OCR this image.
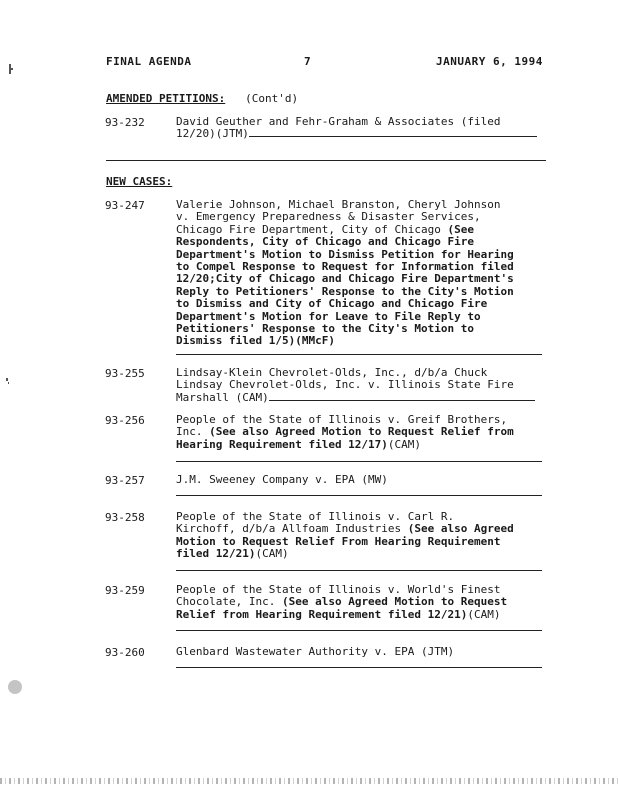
FINAL AGENDA	7	JANUARY 6, 1994
AMENDED PETITIONS: (Cont'd)
93-232	David Geuther and Fehr-Graham & Associates (filed
12/20)(JTM)
NEW CASES:
93-247	Valerie Johnson, Michael Branston, Cheryl Johnson
v. Emergency Preparedness & Disaster Services,
Chicago Fire Department, City of Chicago (See
Respondents, City of Chicago and Chicago Fire
Department's Motion to Dismiss Petition for Hearing
to Compel Response to Request for Information filed
12/20;City of Chicago and Chicago Fire Department's
Reply to Petitioners' Response to the City's Motion
to Dismiss and City of Chicago and Chicago Fire
Department's Motion for Leave to File Reply to
Petitioners' Response to the City's Motion to
Dismiss filed 1/5)(MMcF)
93-255	Lindsay-Klein Chevrolet-Olds, Inc., d/b/a Chuck
Lindsay Chevrolet-Olds, Inc. v. Illinois State Fire
Marshall (CAM)
93-256	People of the State of Illinois v. Greif Brothers,
Inc. (See also Agreed Motion to Request Relief from
Hearing Requirement filed 12/17)(CAM)
93-257	J.M. Sweeney Company v. EPA (MW)
93-258	People of the State of Illinois v. Carl R.
Kirchoff, d/b/a Allfoam Industries (See also Agreed
Motion to Request Relief From Hearing Requirement
filed 12/21)(CAM)
93-259	People of the State of Illinois v. World's Finest
Chocolate, Inc. (See also Agreed Motion to Request
Relief from Hearing Requirement filed 12/21)(CAM)
93-260	Glenbard Wastewater Authority v. EPA (JTM)
